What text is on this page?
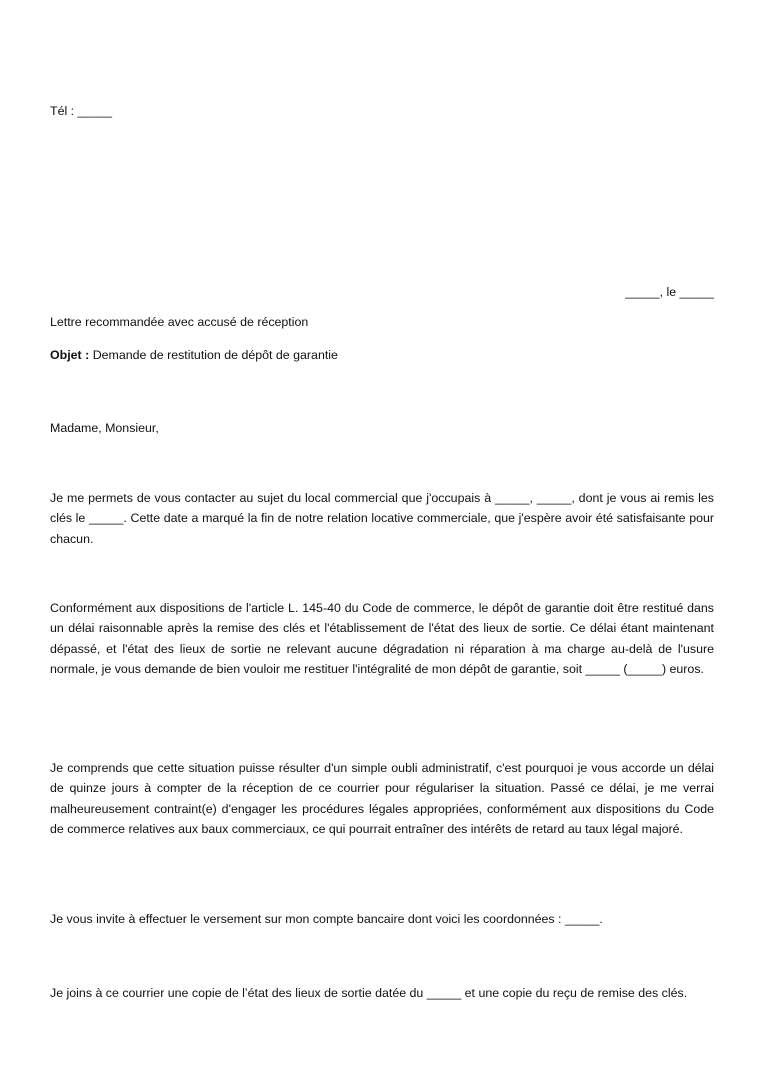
Tél : _____
_____, le _____
Lettre recommandée avec accusé de réception
Objet : Demande de restitution de dépôt de garantie
Madame, Monsieur,
Je me permets de vous contacter au sujet du local commercial que j'occupais à _____, _____, dont je vous ai remis les clés le _____. Cette date a marqué la fin de notre relation locative commerciale, que j'espère avoir été satisfaisante pour chacun.
Conformément aux dispositions de l'article L. 145-40 du Code de commerce, le dépôt de garantie doit être restitué dans un délai raisonnable après la remise des clés et l'établissement de l'état des lieux de sortie. Ce délai étant maintenant dépassé, et l'état des lieux de sortie ne relevant aucune dégradation ni réparation à ma charge au-delà de l'usure normale, je vous demande de bien vouloir me restituer l'intégralité de mon dépôt de garantie, soit _____ (_____) euros.
Je comprends que cette situation puisse résulter d'un simple oubli administratif, c'est pourquoi je vous accorde un délai de quinze jours à compter de la réception de ce courrier pour régulariser la situation. Passé ce délai, je me verrai malheureusement contraint(e) d'engager les procédures légales appropriées, conformément aux dispositions du Code de commerce relatives aux baux commerciaux, ce qui pourrait entraîner des intérêts de retard au taux légal majoré.
Je vous invite à effectuer le versement sur mon compte bancaire dont voici les coordonnées : _____.
Je joins à ce courrier une copie de l’état des lieux de sortie datée du _____ et une copie du reçu de remise des clés.
